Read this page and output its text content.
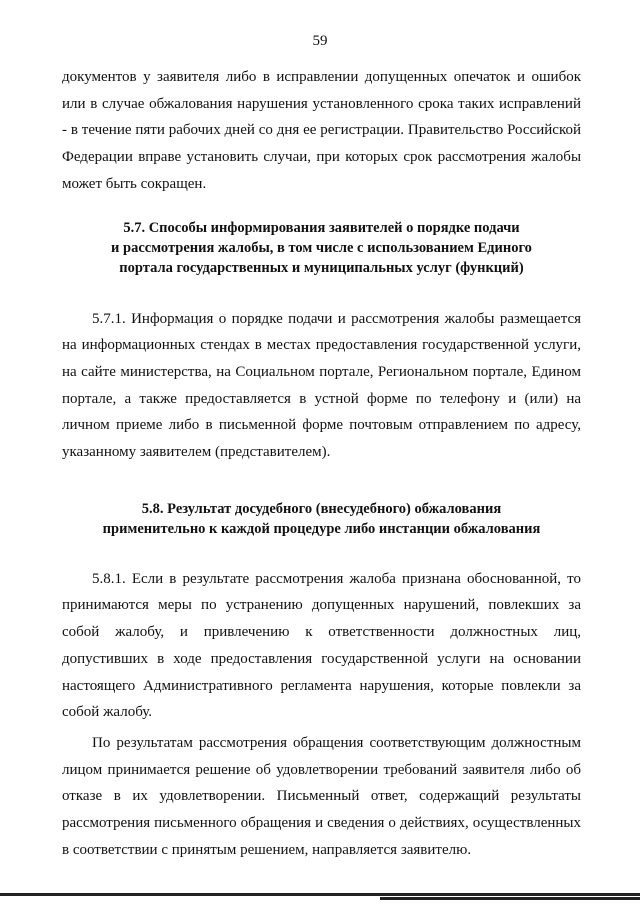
59

документов у заявителя либо в исправлении допущенных опечаток и ошибок или в случае обжалования нарушения установленного срока таких исправлений - в течение пяти рабочих дней со дня ее регистрации. Правительство Российской Федерации вправе установить случаи, при которых срок рассмотрения жалобы может быть сокращен.

5.7. Способы информирования заявителей о порядке подачи
и рассмотрения жалобы, в том числе с использованием Единого
портала государственных и муниципальных услуг (функций)

5.7.1. Информация о порядке подачи и рассмотрения жалобы размещается на информационных стендах в местах предоставления государственной услуги, на сайте министерства, на Социальном портале, Региональном портале, Едином портале, а также предоставляется в устной форме по телефону и (или) на личном приеме либо в письменной форме почтовым отправлением по адресу, указанному заявителем (представителем).

5.8. Результат досудебного (внесудебного) обжалования
применительно к каждой процедуре либо инстанции обжалования

5.8.1. Если в результате рассмотрения жалоба признана обоснованной, то принимаются меры по устранению допущенных нарушений, повлекших за собой жалобу, и привлечению к ответственности должностных лиц, допустивших в ходе предоставления государственной услуги на основании настоящего Административного регламента нарушения, которые повлекли за собой жалобу.

По результатам рассмотрения обращения соответствующим должностным лицом принимается решение об удовлетворении требований заявителя либо об отказе в их удовлетворении. Письменный ответ, содержащий результаты рассмотрения письменного обращения и сведения о действиях, осуществленных в соответствии с принятым решением, направляется заявителю.
